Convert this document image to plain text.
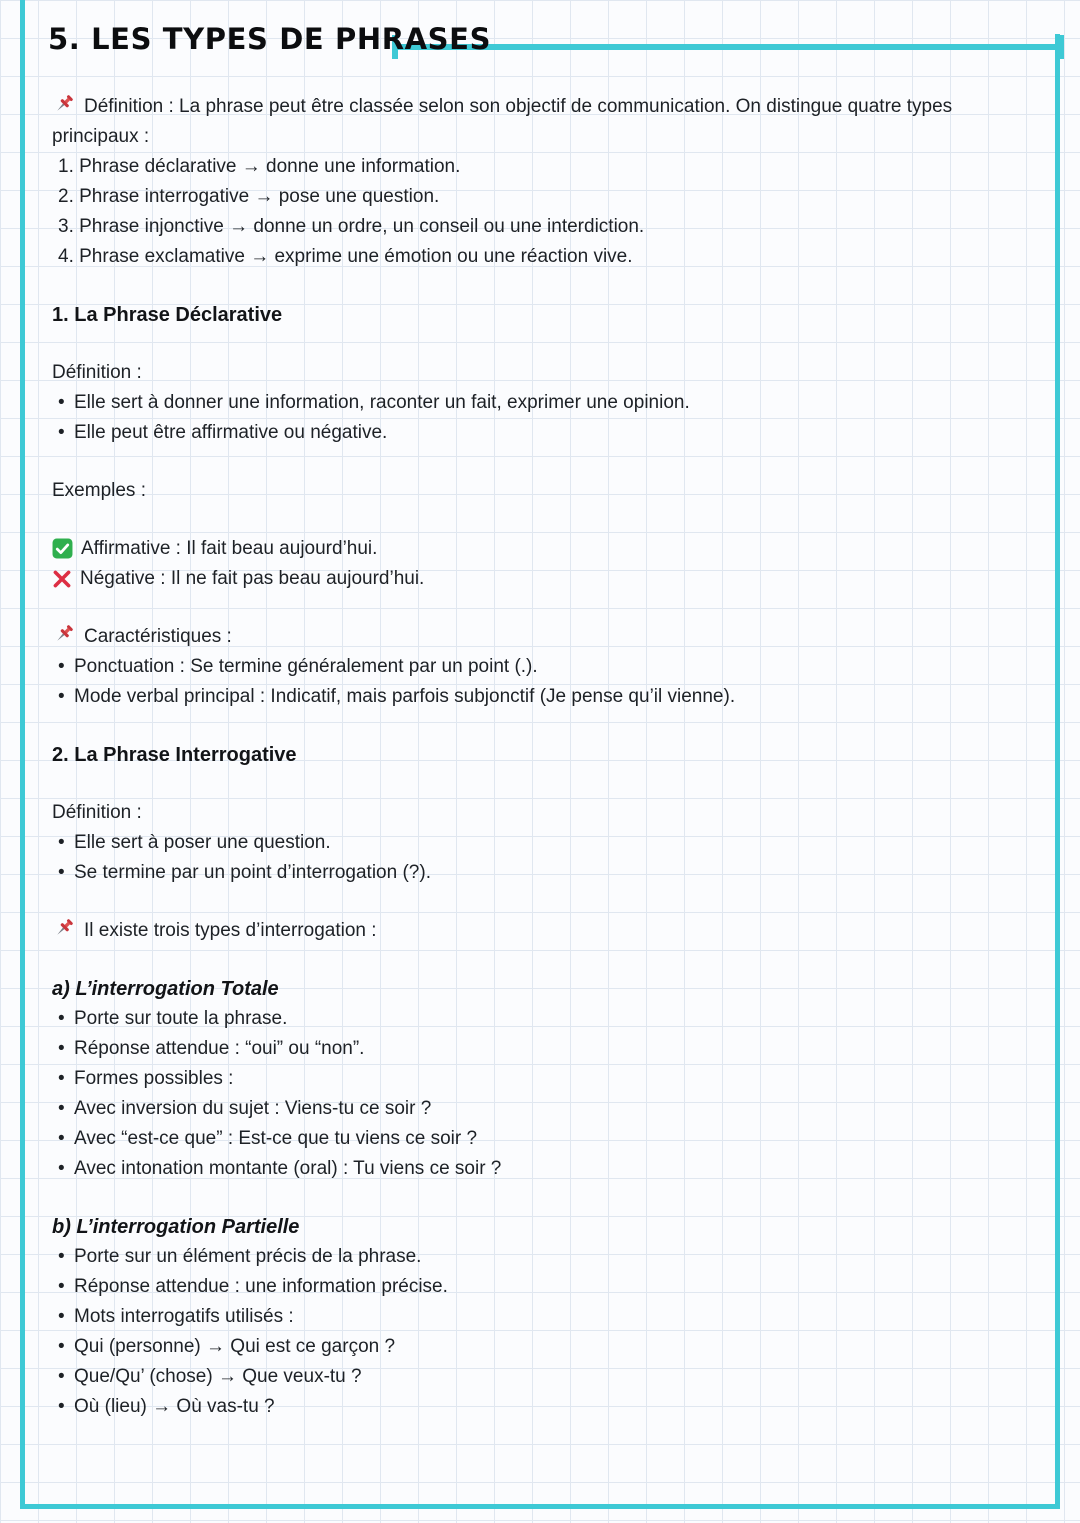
5. LES TYPES DE PHRASES

Définition : La phrase peut être classée selon son objectif de communication. On distingue quatre types principaux :

1. Phrase déclarative → donne une information.

2. Phrase interrogative → pose une question.

3. Phrase injonctive → donne un ordre, un conseil ou une interdiction.

4. Phrase exclamative → exprime une émotion ou une réaction vive.

1. La Phrase Déclarative

Définition :

• Elle sert à donner une information, raconter un fait, exprimer une opinion.

• Elle peut être affirmative ou négative.

Exemples :

Affirmative : Il fait beau aujourd’hui.

Négative : Il ne fait pas beau aujourd’hui.

Caractéristiques :

• Ponctuation : Se termine généralement par un point (.).

• Mode verbal principal : Indicatif, mais parfois subjonctif (Je pense qu’il vienne).

2. La Phrase Interrogative

Définition :

• Elle sert à poser une question.

• Se termine par un point d’interrogation (?).

Il existe trois types d’interrogation :

a) L’interrogation Totale

• Porte sur toute la phrase.

• Réponse attendue : “oui” ou “non”.

• Formes possibles :

• Avec inversion du sujet : Viens-tu ce soir ?

• Avec “est-ce que” : Est-ce que tu viens ce soir ?

• Avec intonation montante (oral) : Tu viens ce soir ?

b) L’interrogation Partielle

• Porte sur un élément précis de la phrase.

• Réponse attendue : une information précise.

• Mots interrogatifs utilisés :

• Qui (personne) → Qui est ce garçon ?

• Que/Qu’ (chose) → Que veux-tu ?

• Où (lieu) → Où vas-tu ?
